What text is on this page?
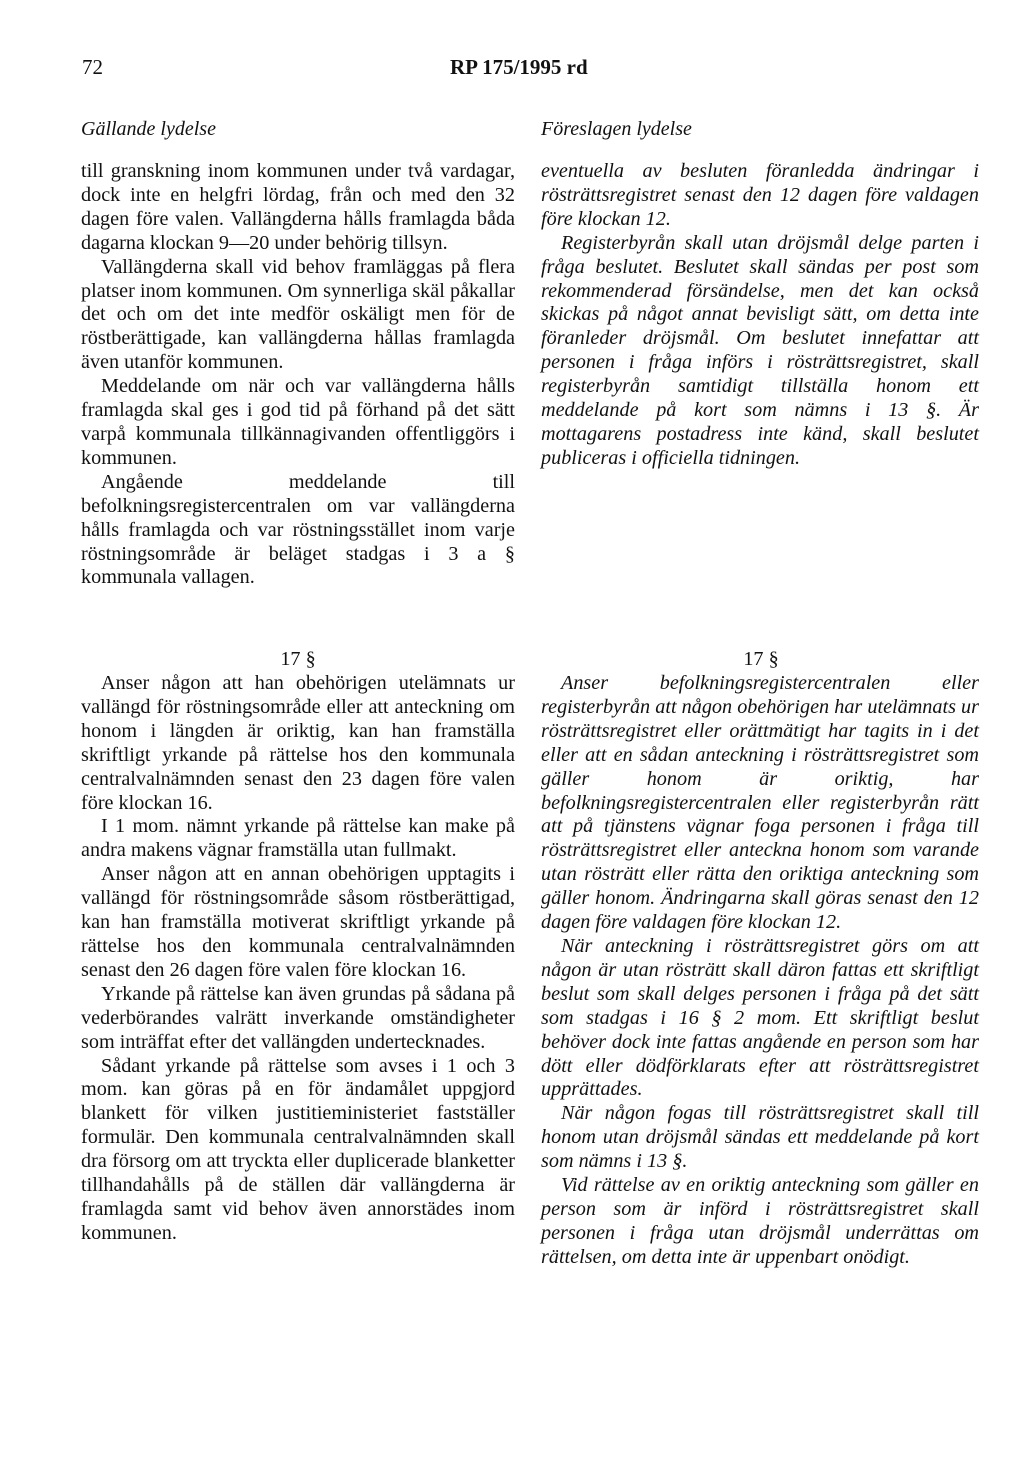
72	RP 175/1995 rd
Gällande lydelse	Föreslagen lydelse

till granskning inom kommunen under två vardagar, dock inte en helgfri lördag, från och med den 32 dagen före valen. Vallängderna hålls framlagda båda dagarna klockan 9—20 under behörig tillsyn.

Vallängderna skall vid behov framläggas på flera platser inom kommunen. Om synnerliga skäl påkallar det och om det inte medför oskäligt men för de röstberättigade, kan vallängderna hållas framlagda även utanför kommunen.

Meddelande om när och var vallängderna hålls framlagda skal ges i god tid på förhand på det sätt varpå kommunala tillkännagivanden offentliggörs i kommunen.

Angående meddelande till befolkningsregistercentralen om var vallängderna hålls framlagda och var röstningsstället inom varje röstningsområde är beläget stadgas i 3 a § kommunala vallagen.

eventuella av besluten föranledda ändringar i rösträttsregistret senast den 12 dagen före valdagen före klockan 12.

Registerbyrån skall utan dröjsmål delge parten i fråga beslutet. Beslutet skall sändas per post som rekommenderad försändelse, men det kan också skickas på något annat bevisligt sätt, om detta inte föranleder dröjsmål. Om beslutet innefattar att personen i fråga införs i rösträttsregistret, skall registerbyrån samtidigt tillställa honom ett meddelande på kort som nämns i 13 §. Är mottagarens postadress inte känd, skall beslutet publiceras i officiella tidningen.

17 §	17 §

Anser någon att han obehörigen utelämnats ur vallängd för röstningsområde eller att anteckning om honom i längden är oriktig, kan han framställa skriftligt yrkande på rättelse hos den kommunala centralvalnämnden senast den 23 dagen före valen före klockan 16.

I 1 mom. nämnt yrkande på rättelse kan make på andra makens vägnar framställa utan fullmakt.

Anser någon att en annan obehörigen upptagits i vallängd för röstningsområde såsom röstberättigad, kan han framställa motiverat skriftligt yrkande på rättelse hos den kommunala centralvalnämnden senast den 26 dagen före valen före klockan 16.

Yrkande på rättelse kan även grundas på sådana på vederbörandes valrätt inverkande omständigheter som inträffat efter det vallängden undertecknades.

Sådant yrkande på rättelse som avses i 1 och 3 mom. kan göras på en för ändamålet uppgjord blankett för vilken justitieministeriet fastställer formulär. Den kommunala centralvalnämnden skall dra försorg om att tryckta eller duplicerade blanketter tillhandahålls på de ställen där vallängderna är framlagda samt vid behov även annorstädes inom kommunen.

Anser befolkningsregistercentralen eller registerbyrån att någon obehörigen har utelämnats ur rösträttsregistret eller orättmätigt har tagits in i det eller att en sådan anteckning i rösträttsregistret som gäller honom är oriktig, har befolkningsregistercentralen eller registerbyrån rätt att på tjänstens vägnar foga personen i fråga till rösträttsregistret eller anteckna honom som varande utan rösträtt eller rätta den oriktiga anteckning som gäller honom. Ändringarna skall göras senast den 12 dagen före valdagen före klockan 12.

När anteckning i rösträttsregistret görs om att någon är utan rösträtt skall däron fattas ett skriftligt beslut som skall delges personen i fråga på det sätt som stadgas i 16 § 2 mom. Ett skriftligt beslut behöver dock inte fattas angående en person som har dött eller dödförklarats efter att rösträttsregistret upprättades.

När någon fogas till rösträttsregistret skall till honom utan dröjsmål sändas ett meddelande på kort som nämns i 13 §.

Vid rättelse av en oriktig anteckning som gäller en person som är införd i rösträttsregistret skall personen i fråga utan dröjsmål underrättas om rättelsen, om detta inte är uppenbart onödigt.
